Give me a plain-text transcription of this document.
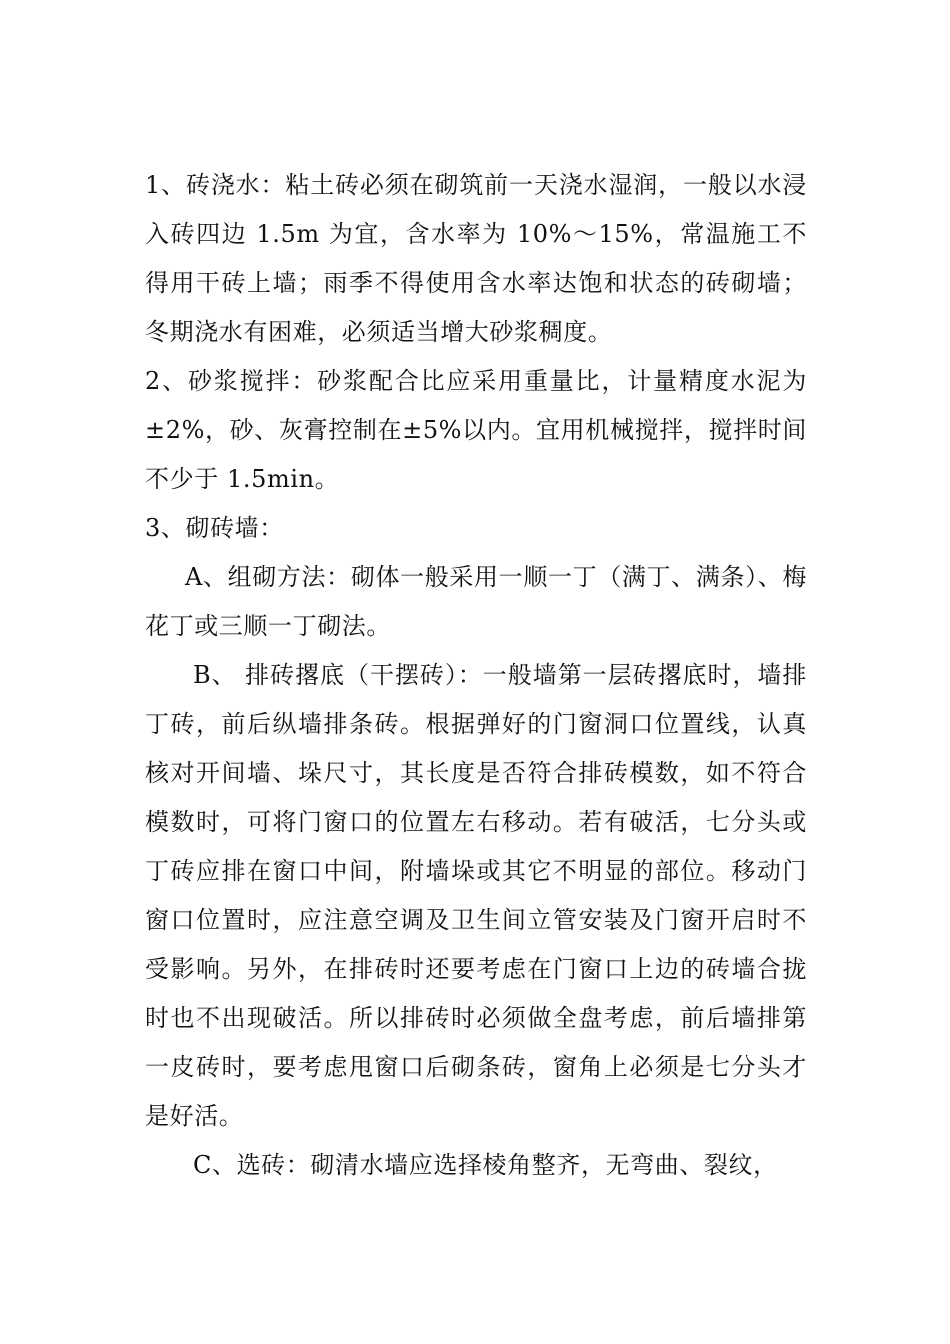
1、砖浇水：粘土砖必须在砌筑前一天浇水湿润，一般以水浸入砖四边 1.5m 为宜，含水率为 10%～15%，常温施工不得用干砖上墙；雨季不得使用含水率达饱和状态的砖砌墙；冬期浇水有困难，必须适当增大砂浆稠度。

2、砂浆搅拌：砂浆配合比应采用重量比，计量精度水泥为±2%，砂、灰膏控制在±5%以内。宜用机械搅拌，搅拌时间不少于 1.5min。

3、砌砖墙：

A、组砌方法：砌体一般采用一顺一丁（满丁、满条）、梅花丁或三顺一丁砌法。

B、 排砖撂底（干摆砖）：一般墙第一层砖撂底时，墙排丁砖，前后纵墙排条砖。根据弹好的门窗洞口位置线，认真核对开间墙、垛尺寸，其长度是否符合排砖模数，如不符合模数时，可将门窗口的位置左右移动。若有破活，七分头或丁砖应排在窗口中间，附墙垛或其它不明显的部位。移动门窗口位置时，应注意空调及卫生间立管安装及门窗开启时不受影响。另外，在排砖时还要考虑在门窗口上边的砖墙合拢时也不出现破活。所以排砖时必须做全盘考虑，前后墙排第一皮砖时，要考虑甩窗口后砌条砖，窗角上必须是七分头才是好活。

C、选砖：砌清水墙应选择棱角整齐，无弯曲、裂纹，
